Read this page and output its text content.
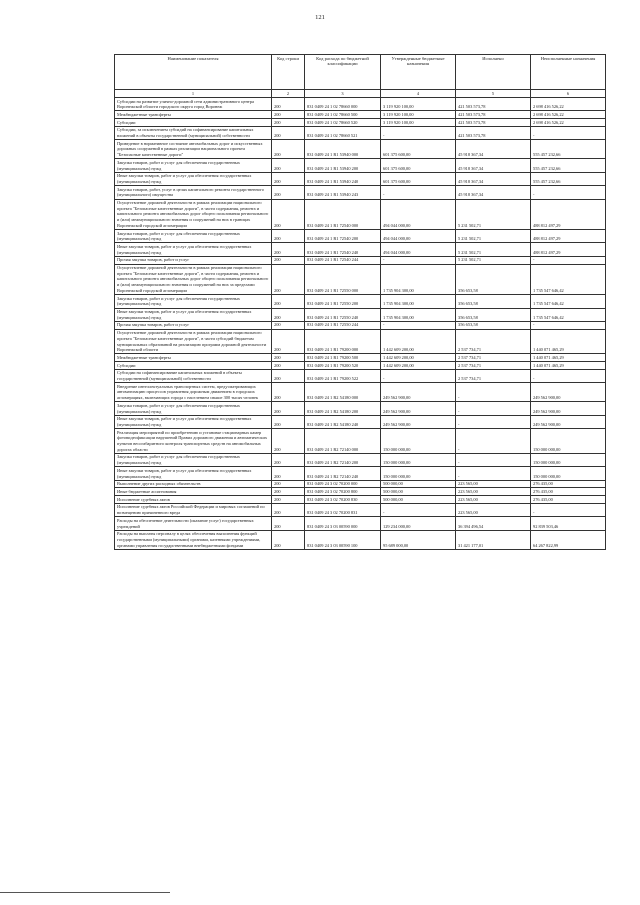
121
Наименование показателя	Код строки	Код расхода по бюджетной классификации	Утвержденные бюджетные назначения	Исполнено	Неисполненные назначения
1	2	3	4	5	6
Субсидии на развитие улично-дорожной сети административного центра Воронежской области городского округа город Воронеж	200	831 0409 24 1 02 78660 000	3 119 920 100,00	421 503 573,78	2 698 416 526,22
Межбюджетные трансферты	200	831 0409 24 1 02 78660 500	3 119 920 100,00	421 503 573,78	2 698 416 526,22
Субсидии	200	831 0409 24 1 02 78660 520	3 119 920 100,00	421 503 573,78	2 698 416 526,22
Субсидии, за исключением субсидий на софинансирование капитальных вложений в объекты государственной (муниципальной) собственности	200	831 0409 24 1 02 78660 521	-	421 503 573,78	-
Приведение в нормативное состояние автомобильных дорог и искусственных дорожных сооружений в рамках реализации национального проекта "Безопасные качественные дороги"	200	831 0409 24 1 R1 53940 000	601 375 600,00	45 918 367,34	555 457 232,66
Закупка товаров, работ и услуг для обеспечения государственных (муниципальных) нужд	200	831 0409 24 1 R1 53940 200	601 375 600,00	45 918 367,34	555 457 232,66
Иные закупки товаров, работ и услуг для обеспечения государственных (муниципальных) нужд	200	831 0409 24 1 R1 53940 240	601 375 600,00	45 918 367,34	555 457 232,66
Закупка товаров, работ, услуг в целях капитального ремонта государственного (муниципального) имущества	200	831 0409 24 1 R1 53940 243	-	45 918 367,34	-
Осуществление дорожной деятельности в рамках реализации национального проекта "Безопасные качественные дороги", в части содержания, ремонта и капитального ремонта автомобильных дорог общего пользования регионального и (или) межмуниципального значения и сооружений на них в границах Воронежской городской агломерации	200	831 0409 24 1 R1 72540 000	494 044 000,00	5 231 502,71	488 812 497,29
Закупка товаров, работ и услуг для обеспечения государственных (муниципальных) нужд	200	831 0409 24 1 R1 72540 200	494 044 000,00	5 231 502,71	488 812 497,29
Иные закупки товаров, работ и услуг для обеспечения государственных (муниципальных) нужд	200	831 0409 24 1 R1 72540 240	494 044 000,00	5 231 502,71	488 812 497,29
Прочая закупка товаров, работ и услуг	200	831 0409 24 1 R1 72540 244	-	5 231 502,71	-
Осуществление дорожной деятельности в рамках реализации национального проекта "Безопасные качественные дороги", в части содержания, ремонта и капитального ремонта автомобильных дорог общего пользования регионального и (или) межмуниципального значения и сооружений на них за пределами Воронежской городской агломерации	200	831 0409 24 1 R1 72550 000	1 735 904 300,00	356 653,58	1 735 547 646,42
Закупка товаров, работ и услуг для обеспечения государственных (муниципальных) нужд	200	831 0409 24 1 R1 72550 200	1 735 904 300,00	356 653,58	1 735 547 646,42
Иные закупки товаров, работ и услуг для обеспечения государственных (муниципальных) нужд	200	831 0409 24 1 R1 72550 240	1 735 904 300,00	356 653,58	1 735 547 646,42
Прочая закупка товаров, работ и услуг	200	831 0409 24 1 R1 72550 244	-	356 653,58	-
Осуществление дорожной деятельности в рамках реализации национального проекта "Безопасные качественные дороги", в части субсидий бюджетам муниципальных образований на реализацию программ дорожной деятельности Воронежской области	200	831 0409 24 1 R1 79200 000	1 442 609 200,00	2 537 734,71	1 440 071 465,29
Межбюджетные трансферты	200	831 0409 24 1 R1 79200 500	1 442 609 200,00	2 537 734,71	1 440 071 465,29
Субсидии	200	831 0409 24 1 R1 79200 520	1 442 609 200,00	2 537 734,71	1 440 071 465,29
Субсидии на софинансирование капитальных вложений в объекты государственной (муниципальной) собственности	200	831 0409 24 1 R1 79200 522	-	2 537 734,71	-
Внедрение интеллектуальных транспортных систем, предусматривающих автоматизацию процессов управления дорожным движением в городских агломерациях, включающих города с населением свыше 300 тысяч человек	200	831 0409 24 1 R2 54180 000	249 562 900,00	-	249 562 900,00
Закупка товаров, работ и услуг для обеспечения государственных (муниципальных) нужд	200	831 0409 24 1 R2 54180 200	249 562 900,00	-	249 562 900,00
Иные закупки товаров, работ и услуг для обеспечения государственных (муниципальных) нужд	200	831 0409 24 1 R2 54180 240	249 562 900,00	-	249 562 900,00
Реализация мероприятий по приобретению и установке стационарных камер фотовидеофиксации нарушений Правил дорожного движения и автоматических пунктов весогабаритного контроля транспортных средств на автомобильных дорогах области	200	831 0409 24 1 R2 72140 000	150 000 000,00	-	150 000 000,00
Закупка товаров, работ и услуг для обеспечения государственных (муниципальных) нужд	200	831 0409 24 1 R2 72140 200	150 000 000,00	-	150 000 000,00
Иные закупки товаров, работ и услуг для обеспечения государственных (муниципальных) нужд	200	831 0409 24 1 R2 72140 240	150 000 000,00	-	150 000 000,00
Выполнение других расходных обязательств	200	831 0409 24 3 02 70200 000	500 000,00	223 565,00	276 435,00
Иные бюджетные ассигнования	200	831 0409 24 3 02 70200 800	500 000,00	223 565,00	276 435,00
Исполнение судебных актов	200	831 0409 24 3 02 70200 830	500 000,00	223 565,00	276 435,00
Исполнение судебных актов Российской Федерации и мировых соглашений по возмещению причиненного вреда	200	831 0409 24 3 02 70200 831	-	223 565,00	-
Расходы на обеспечение деятельности (оказание услуг) государственных учреждений	200	831 0409 24 3 03 00590 000	129 234 000,00	36 394 496,54	92 839 503,46
Расходы на выплаты персоналу в целях обеспечения выполнения функций государственными (муниципальными) органами, казенными учреждениями, органами управления государственными внебюджетными фондами	200	831 0409 24 3 03 00590 100	95 689 000,00	31 421 177,01	64 267 822,99
